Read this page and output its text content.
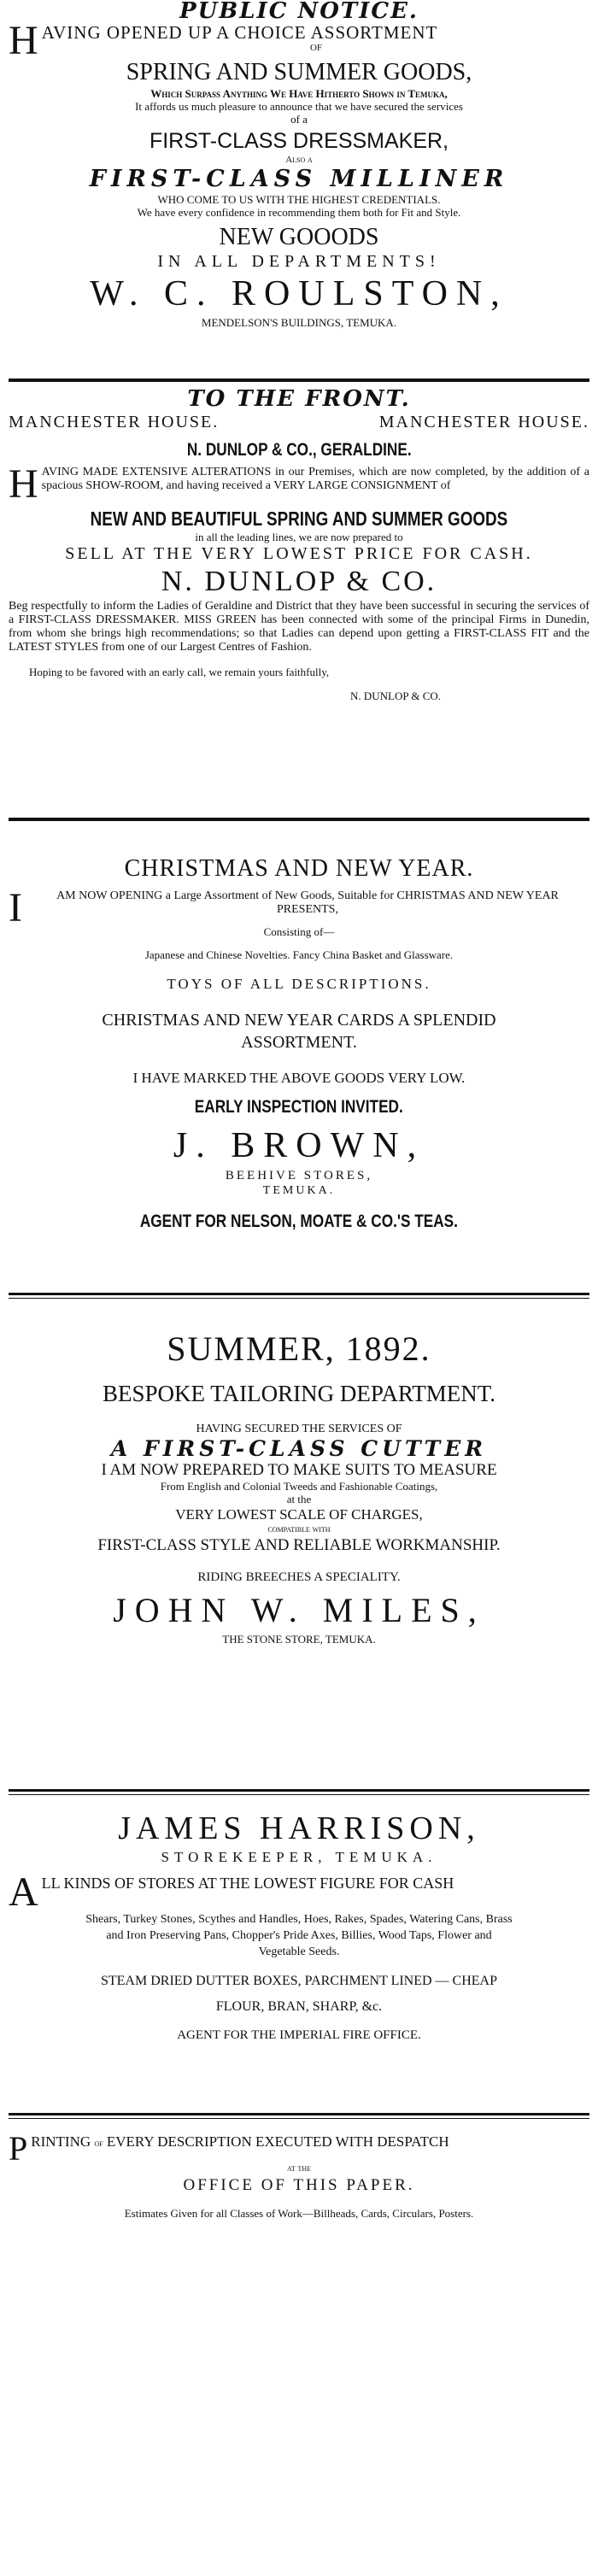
PUBLIC NOTICE.

H AVING OPENED UP A CHOICE ASSORTMENT

OF

SPRING AND SUMMER GOODS,

Which Surpass Anything We Have Hitherto Shown in Temuka,

It affords us much pleasure to announce that we have secured the services

of a

FIRST-CLASS DRESSMAKER,

Also a

FIRST-CLASS MILLINER

WHO COME TO US WITH THE HIGHEST CREDENTIALS.

We have every confidence in recommending them both for Fit and Style.

NEW GOOODS

IN ALL DEPARTMENTS!

W. C. ROULSTON,

MENDELSON'S BUILDINGS, TEMUKA.

TO THE FRONT.

MANCHESTER HOUSE.	MANCHESTER HOUSE.

N. DUNLOP & CO., GERALDINE.

H AVING MADE EXTENSIVE ALTERATIONS in our Premises, which are now completed, by the addition of a spacious SHOW-ROOM, and having received a VERY LARGE CONSIGNMENT of

NEW AND BEAUTIFUL SPRING AND SUMMER GOODS

in all the leading lines, we are now prepared to

SELL AT THE VERY LOWEST PRICE FOR CASH.

N. DUNLOP & CO.

Beg respectfully to inform the Ladies of Geraldine and District that they have been successful in securing the services of a FIRST-CLASS DRESSMAKER. MISS GREEN has been connected with some of the principal Firms in Dunedin, from whom she brings high recommendations; so that Ladies can depend upon getting a FIRST-CLASS FIT and the LATEST STYLES from one of our Largest Centres of Fashion.

Hoping to be favored with an early call, we remain yours faithfully,

N. DUNLOP & CO.

CHRISTMAS AND NEW YEAR.

I	AM NOW OPENING a Large Assortment of New Goods, Suitable for CHRISTMAS AND NEW YEAR PRESENTS,

Consisting of—

Japanese and Chinese Novelties. Fancy China Basket and Glassware.

TOYS OF ALL DESCRIPTIONS.

CHRISTMAS AND NEW YEAR CARDS A SPLENDID ASSORTMENT.

I HAVE MARKED THE ABOVE GOODS VERY LOW.

EARLY INSPECTION INVITED.

J. BROWN,

BEEHIVE STORES,

TEMUKA.

AGENT FOR NELSON, MOATE & CO.'S TEAS.

SUMMER, 1892.

BESPOKE TAILORING DEPARTMENT.

HAVING SECURED THE SERVICES OF

A FIRST-CLASS CUTTER

I AM NOW PREPARED TO MAKE SUITS TO MEASURE

From English and Colonial Tweeds and Fashionable Coatings,

at the

VERY LOWEST SCALE OF CHARGES,

compatible with

FIRST-CLASS STYLE AND RELIABLE WORKMANSHIP.

RIDING BREECHES A SPECIALITY.

JOHN W. MILES,

THE STONE STORE, TEMUKA.

JAMES HARRISON,

STOREKEEPER, TEMUKA.

A LL KINDS OF STORES AT THE LOWEST FIGURE FOR CASH

Shears, Turkey Stones, Scythes and Handles, Hoes, Rakes, Spades, Watering Cans, Brass and Iron Preserving Pans, Chopper's Pride Axes, Billies, Wood Taps, Flower and Vegetable Seeds.

STEAM DRIED DUTTER BOXES, PARCHMENT LINED — CHEAP

FLOUR, BRAN, SHARP, &c.

AGENT FOR THE IMPERIAL FIRE OFFICE.

P RINTING of EVERY DESCRIPTION EXECUTED WITH DESPATCH

at the

OFFICE OF THIS PAPER.

Estimates Given for all Classes of Work—Billheads, Cards, Circulars, Posters.
